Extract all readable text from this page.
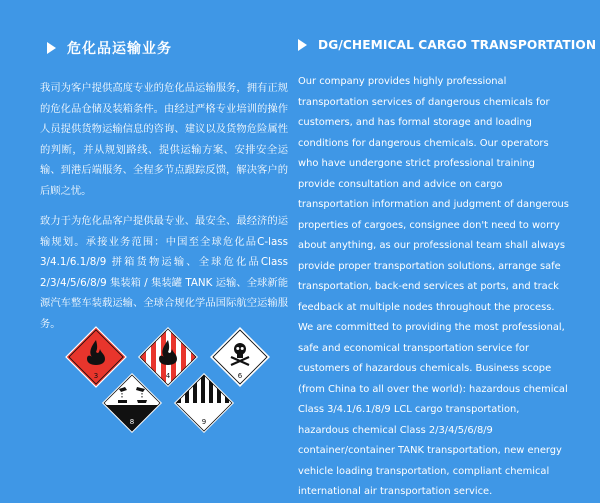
危化品运输业务

我司为客户提供高度专业的危化品运输服务，拥有正规的危化品仓储及装箱条件。由经过严格专业培训的操作人员提供货物运输信息的咨询、建议以及货物危险属性的判断，并从规划路线、提供运输方案、安排安全运输、到港后端服务、全程多节点跟踪反馈，解决客户的后顾之忧。

致力于为危化品客户提供最专业、最安全、最经济的运输规划。承接业务范围：中国至全球危化品C-lass 3/4.1/6.1/8/9 拼箱货物运输、全球危化品Class 2/3/4/5/6/8/9 集装箱 / 集装罐 TANK 运输、全球新能源汽车整车装载运输、全球合规化学品国际航空运输服务。

DG/CHEMICAL CARGO TRANSPORTATION

Our company provides highly professional transportation services of dangerous chemicals for customers, and has formal storage and loading conditions for dangerous chemicals. Our operators who have undergone strict professional training provide consultation and advice on cargo transportation information and judgment of dangerous properties of cargoes, consignee don't need to worry about anything, as our professional team shall always provide proper transportation solutions, arrange safe transportation, back-end services at ports, and track feedback at multiple nodes throughout the process.

We are committed to providing the most professional, safe and economical transportation service for customers of hazardous chemicals. Business scope (from China to all over the world): hazardous chemical Class 3/4.1/6.1/8/9 LCL cargo transportation, hazardous chemical Class 2/3/4/5/6/8/9 container/container TANK transportation, new energy vehicle loading transportation, compliant chemical international air transportation service.

3	4	6
8	9
